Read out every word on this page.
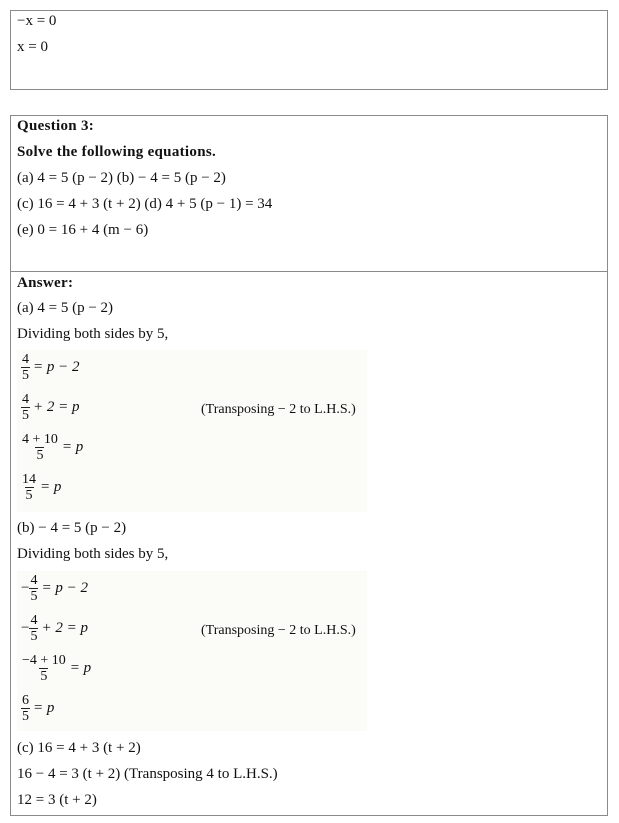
−x = 0
x = 0
Question 3:
Solve the following equations.
(a) 4 = 5 (p − 2) (b) − 4 = 5 (p − 2)
(c) 16 = 4 + 3 (t + 2) (d) 4 + 5 (p − 1) = 34
(e) 0 = 16 + 4 (m − 6)
Answer:
(a) 4 = 5 (p − 2)
Dividing both sides by 5,
$\frac{4}{5} = p - 2$
$\frac{4}{5} + 2 = p$	(Transposing − 2 to L.H.S.)
$\frac{4 + 10}{5} = p$
$\frac{14}{5} = p$
(b) − 4 = 5 (p − 2)
Dividing both sides by 5,
− $\frac{4}{5} = p - 2$
− $\frac{4}{5} + 2 = p$	(Transposing − 2 to L.H.S.)
$\frac{-4 + 10}{5} = p$
$\frac{6}{5} = p$
(c) 16 = 4 + 3 (t + 2)
16 − 4 = 3 (t + 2) (Transposing 4 to L.H.S.)
12 = 3 (t + 2)
